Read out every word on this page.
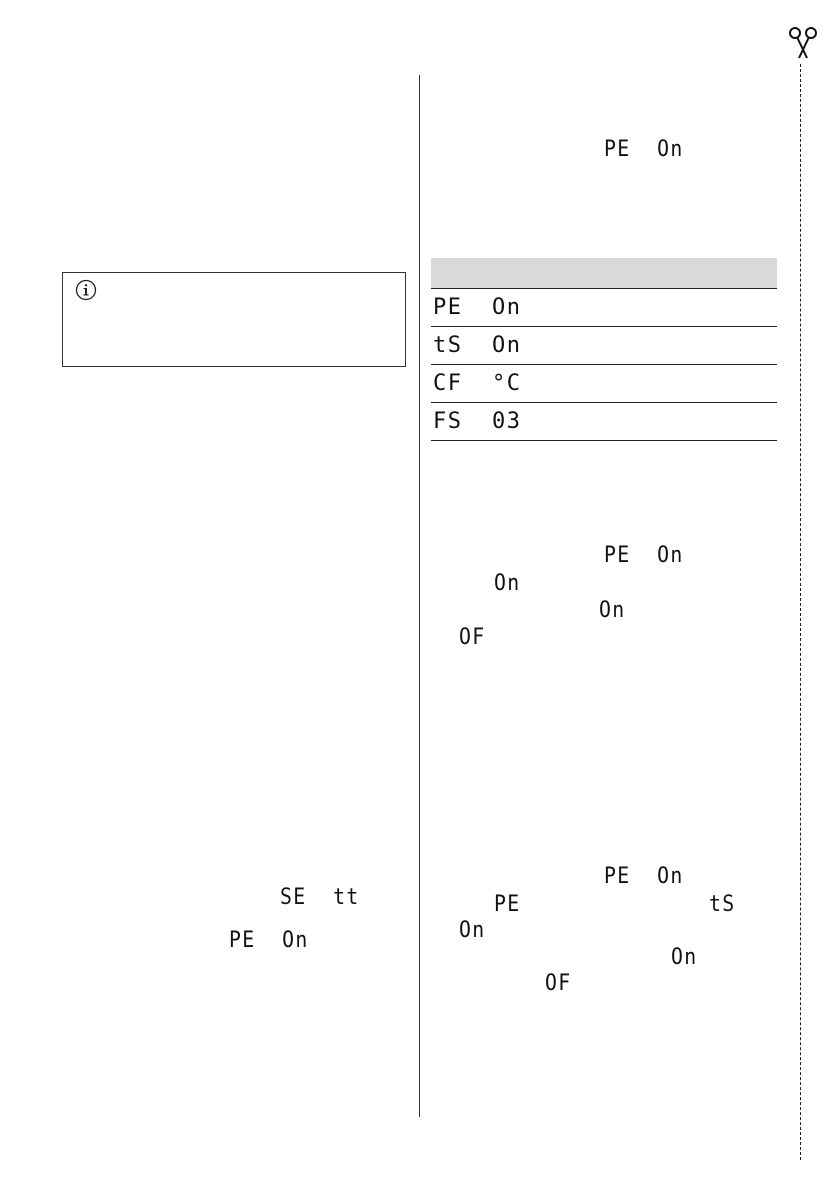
SE  tt
PE  On
PE  On

PE  On
tS  On
CF  °C
FS  03
PE  On
On
On
OF
PE  On
PE	tS
On
On
OF
